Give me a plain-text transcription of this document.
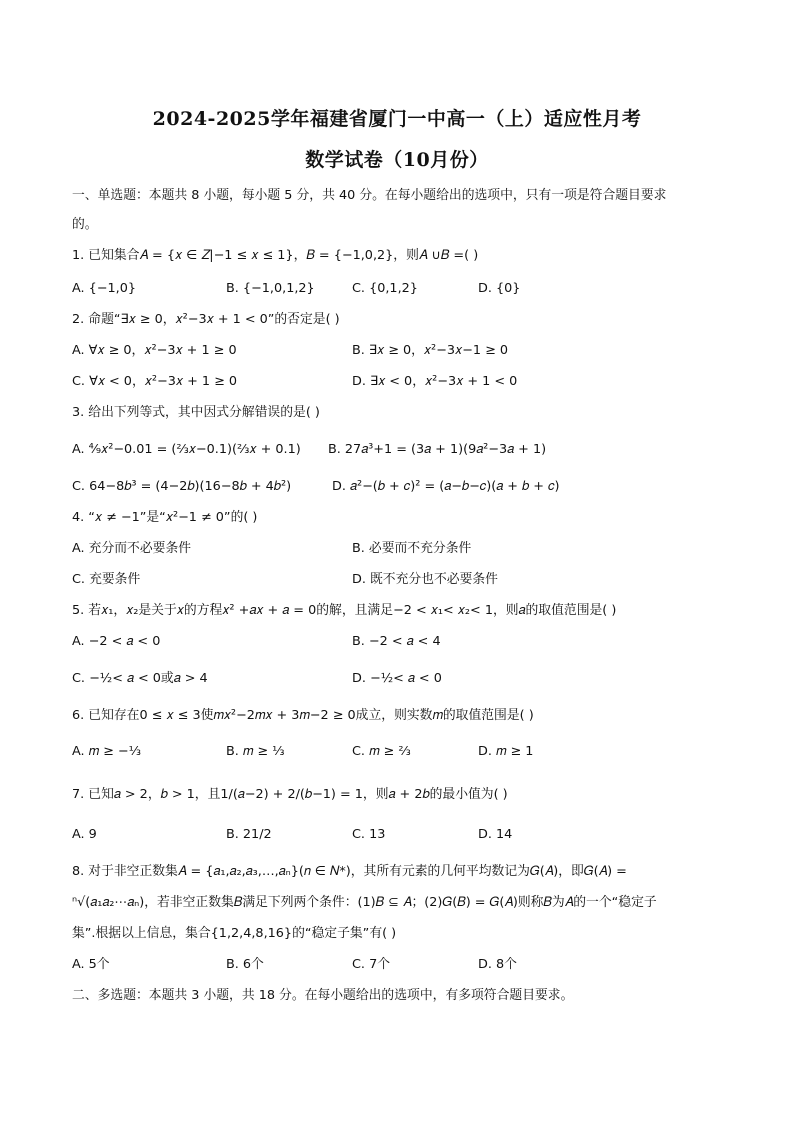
2024-2025学年福建省厦门一中高一（上）适应性月考
数学试卷（10月份）
一、单选题：本题共 8 小题，每小题 5 分，共 40 分。在每小题给出的选项中，只有一项是符合题目要求
的。
1. 已知集合𝐴 = {𝑥 ∈ 𝑍|−1 ≤ 𝑥 ≤ 1}，𝐵 = {−1,0,2}，则𝐴 ∪𝐵 =( )
A. {−1,0}	B. {−1,0,1,2}	C. {0,1,2}	D. {0}
2. 命题“∃𝑥 ≥ 0，𝑥²−3𝑥 + 1 < 0”的否定是( )
A. ∀𝑥 ≥ 0，𝑥²−3𝑥 + 1 ≥ 0	B. ∃𝑥 ≥ 0，𝑥²−3𝑥−1 ≥ 0
C. ∀𝑥 < 0，𝑥²−3𝑥 + 1 ≥ 0	D. ∃𝑥 < 0，𝑥²−3𝑥 + 1 < 0
3. 给出下列等式，其中因式分解错误的是( )
A. ⁴⁄₉𝑥²−0.01 = (⅔𝑥−0.1)(⅔𝑥 + 0.1) B. 27𝑎³+1 = (3𝑎 + 1)(9𝑎²−3𝑎 + 1)
C. 64−8𝑏³ = (4−2𝑏)(16−8𝑏 + 4𝑏²)	D. 𝑎²−(𝑏 + 𝑐)² = (𝑎−𝑏−𝑐)(𝑎 + 𝑏 + 𝑐)
4. “𝑥 ≠ −1”是“𝑥²−1 ≠ 0”的( )
A. 充分而不必要条件	B. 必要而不充分条件
C. 充要条件	D. 既不充分也不必要条件
5. 若𝑥₁，𝑥₂是关于𝑥的方程𝑥² +𝑎𝑥 + 𝑎 = 0的解，且满足−2 < 𝑥₁< 𝑥₂< 1，则𝑎的取值范围是( )
A. −2 < 𝑎 < 0	B. −2 < 𝑎 < 4
C. −½< 𝑎 < 0或𝑎 > 4	D. −½< 𝑎 < 0
6. 已知存在0 ≤ 𝑥 ≤ 3使𝑚𝑥²−2𝑚𝑥 + 3𝑚−2 ≥ 0成立，则实数𝑚的取值范围是( )
A. 𝑚 ≥ −⅓	B. 𝑚 ≥ ⅓	C. 𝑚 ≥ ⅔	D. 𝑚 ≥ 1
7. 已知𝑎 > 2，𝑏 > 1，且1/(𝑎−2) + 2/(𝑏−1) = 1，则𝑎 + 2𝑏的最小值为( )
A. 9	B. 21/2	C. 13	D. 14
8. 对于非空正数集𝐴 = {𝑎₁,𝑎₂,𝑎₃,…,𝑎ₙ}(𝑛 ∈ 𝑁*)，其所有元素的几何平均数记为𝐺(𝐴)，即𝐺(𝐴) =
ⁿ√(𝑎₁𝑎₂⋯𝑎ₙ)，若非空正数集𝐵满足下列两个条件：(1)𝐵 ⊆ 𝐴；(2)𝐺(𝐵) = 𝐺(𝐴)则称𝐵为𝐴的一个“稳定子
集”.根据以上信息，集合{1,2,4,8,16}的“稳定子集”有( )
A. 5个	B. 6个	C. 7个	D. 8个
二、多选题：本题共 3 小题，共 18 分。在每小题给出的选项中，有多项符合题目要求。
